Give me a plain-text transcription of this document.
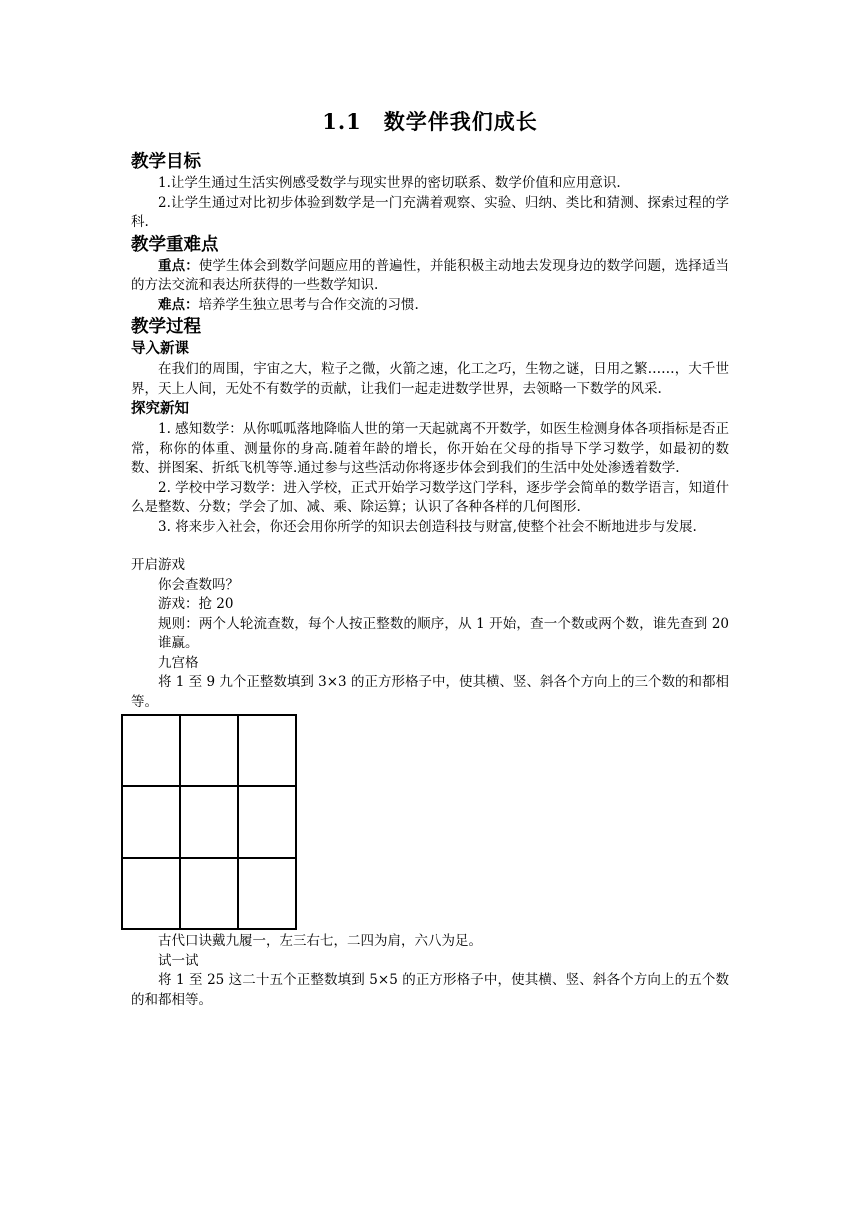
1.1　数学伴我们成长
教学目标

1.让学生通过生活实例感受数学与现实世界的密切联系、数学价值和应用意识.

2.让学生通过对比初步体验到数学是一门充满着观察、实验、归纳、类比和猜测、探索过程的学科.

教学重难点

重点：使学生体会到数学问题应用的普遍性，并能积极主动地去发现身边的数学问题，选择适当的方法交流和表达所获得的一些数学知识.

难点：培养学生独立思考与合作交流的习惯.

教学过程
导入新课

在我们的周围，宇宙之大，粒子之微，火箭之速，化工之巧，生物之谜，日用之繁……，大千世界，天上人间，无处不有数学的贡献，让我们一起走进数学世界，去领略一下数学的风采.

探究新知

1. 感知数学：从你呱呱落地降临人世的第一天起就离不开数学，如医生检测身体各项指标是否正常，称你的体重、测量你的身高.随着年龄的增长，你开始在父母的指导下学习数学，如最初的数数、拼图案、折纸飞机等等.通过参与这些活动你将逐步体会到我们的生活中处处渗透着数学.

2. 学校中学习数学：进入学校，正式开始学习数学这门学科，逐步学会简单的数学语言，知道什么是整数、分数；学会了加、减、乘、除运算；认识了各种各样的几何图形.

3. 将来步入社会，你还会用你所学的知识去创造科技与财富,使整个社会不断地进步与发展.

开启游戏

你会查数吗？

游戏：抢 20

规则：两个人轮流查数，每个人按正整数的顺序，从 1 开始，查一个数或两个数，谁先查到 20 谁赢。

九宫格

将 1 至 9 九个正整数填到 3×3 的正方形格子中，使其横、竖、斜各个方向上的三个数的和都相等。

古代口诀戴九履一，左三右七，二四为肩，六八为足。

试一试

将 1 至 25 这二十五个正整数填到 5×5 的正方形格子中，使其横、竖、斜各个方向上的五个数的和都相等。
